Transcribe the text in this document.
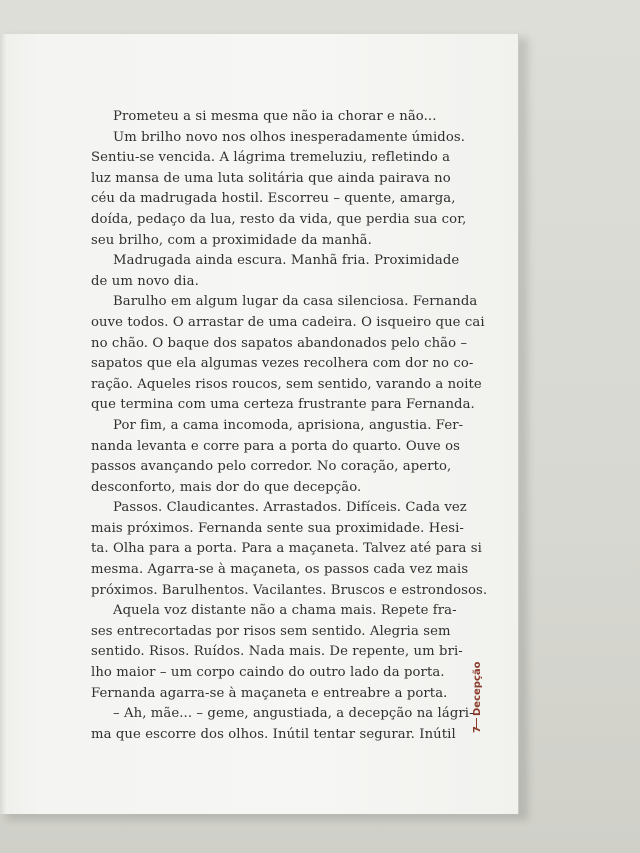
Prometeu a si mesma que não ia chorar e não...
Um brilho novo nos olhos inesperadamente úmidos.
Sentiu-se vencida. A lágrima tremeluziu, refletindo a
luz mansa de uma luta solitária que ainda pairava no
céu da madrugada hostil. Escorreu – quente, amarga,
doída, pedaço da lua, resto da vida, que perdia sua cor,
seu brilho, com a proximidade da manhã.
Madrugada ainda escura. Manhã fria. Proximidade
de um novo dia.
Barulho em algum lugar da casa silenciosa. Fernanda
ouve todos. O arrastar de uma cadeira. O isqueiro que cai
no chão. O baque dos sapatos abandonados pelo chão –
sapatos que ela algumas vezes recolhera com dor no co-
ração. Aqueles risos roucos, sem sentido, varando a noite
que termina com uma certeza frustrante para Fernanda.
Por fim, a cama incomoda, aprisiona, angustia. Fer-
nanda levanta e corre para a porta do quarto. Ouve os
passos avançando pelo corredor. No coração, aperto,
desconforto, mais dor do que decepção.
Passos. Claudicantes. Arrastados. Difíceis. Cada vez
mais próximos. Fernanda sente sua proximidade. Hesi-
ta. Olha para a porta. Para a maçaneta. Talvez até para si
mesma. Agarra-se à maçaneta, os passos cada vez mais
próximos. Barulhentos. Vacilantes. Bruscos e estrondosos.
Aquela voz distante não a chama mais. Repete fra-
ses entrecortadas por risos sem sentido. Alegria sem
sentido. Risos. Ruídos. Nada mais. De repente, um bri-
lho maior – um corpo caindo do outro lado da porta.
Fernanda agarra-se à maçaneta e entreabre a porta.
– Ah, mãe... – geme, angustiada, a decepção na lágri-
ma que escorre dos olhos. Inútil tentar segurar. Inútil
Decepção
7
